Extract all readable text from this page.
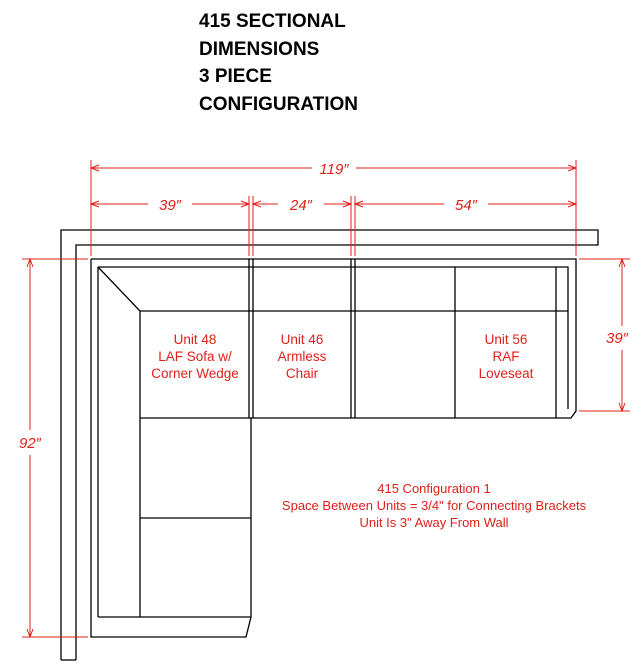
415 SECTIONAL
DIMENSIONS
3 PIECE
CONFIGURATION
119″
39″	24″	54″
39″
92″
Unit 48
LAF Sofa w/
Corner Wedge
Unit 46
Armless
Chair
Unit 56
RAF
Loveseat
415 Configuration 1
Space Between Units = 3/4" for Connecting Brackets
Unit Is 3" Away From Wall
